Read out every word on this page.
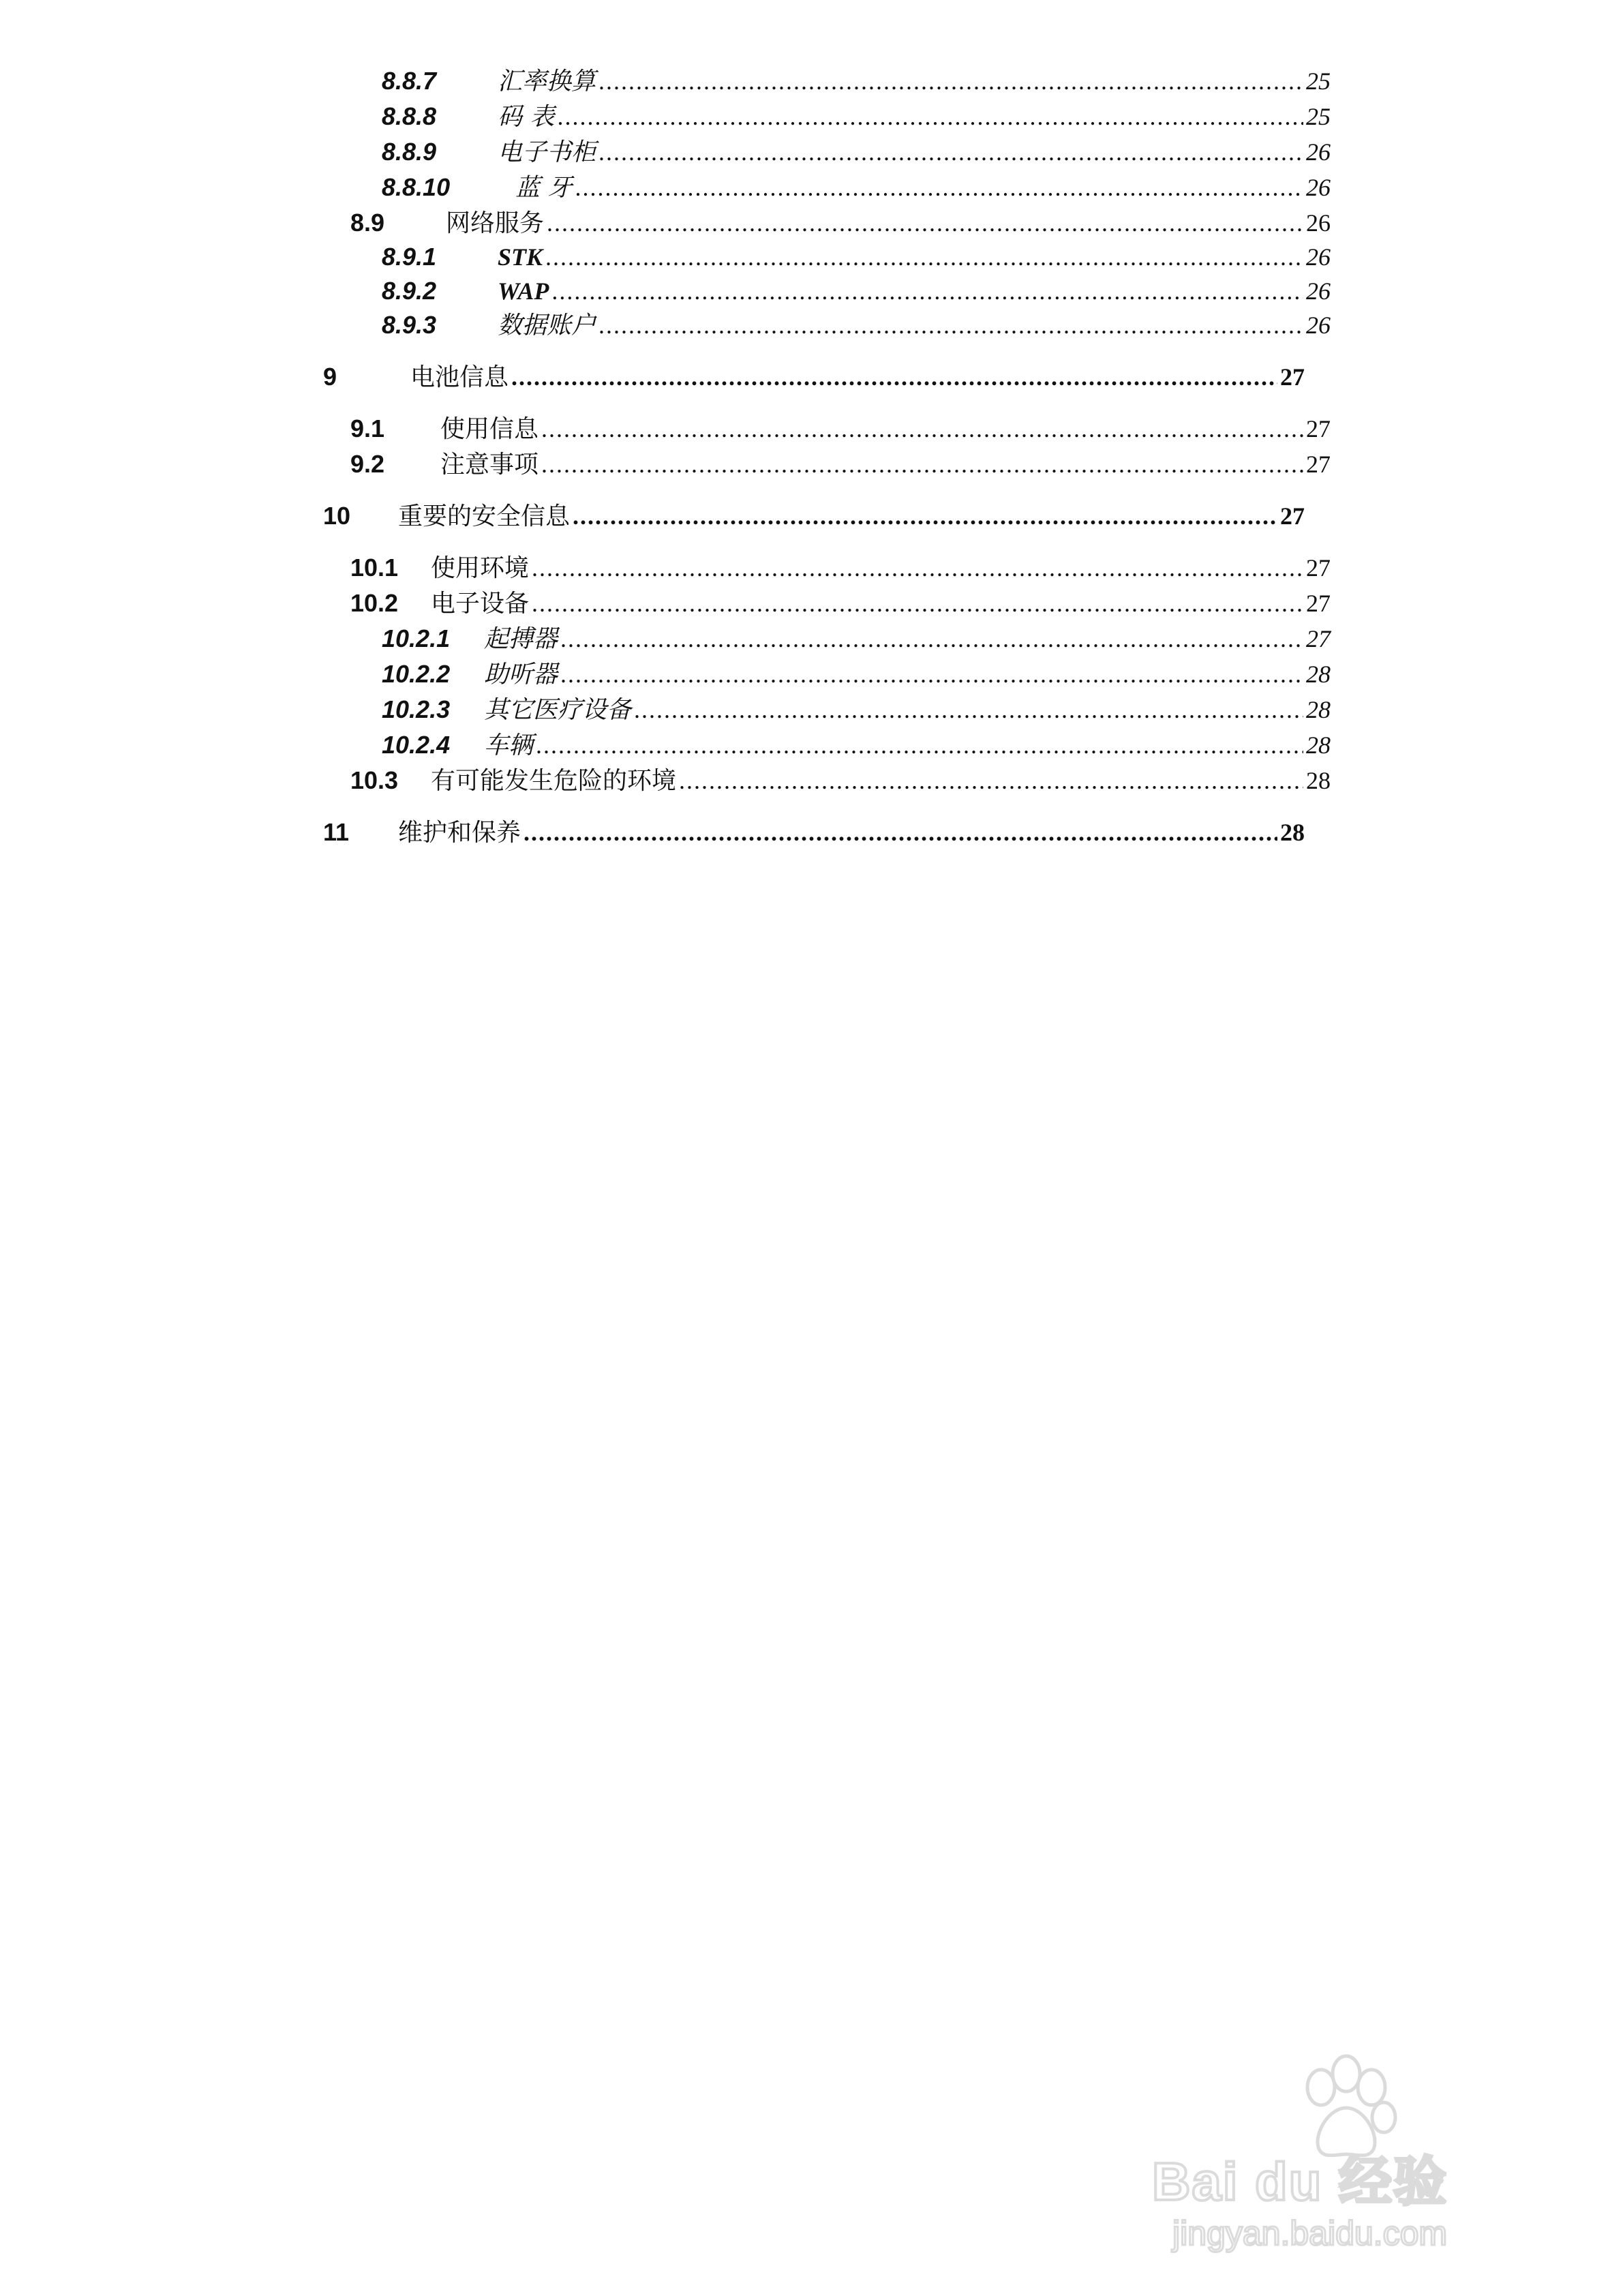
8.8.7	汇率换算 .....	25
8.8.8	码 表 .....	25
8.8.9	电子书柜 .....	26
8.8.10	蓝 牙 .....	26
8.9	网络服务 .....	26
8.9.1	STK .....	26
8.9.2	WAP .....	26
8.9.3	数据账户 .....	26
9	电池信息 .....	27
9.1	使用信息 .....	27
9.2	注意事项 .....	27
10	重要的安全信息 .....	27
10.1	使用环境 .....	27
10.2	电子设备 .....	27
10.2.1	起搏器 .....	27
10.2.2	助听器 .....	28
10.2.3	其它医疗设备 .....	28
10.2.4	车辆 .....	28
10.3	有可能发生危险的环境 .....	28
11	维护和保养 .....	28
Bai du 经验
jingyan.baidu.com
